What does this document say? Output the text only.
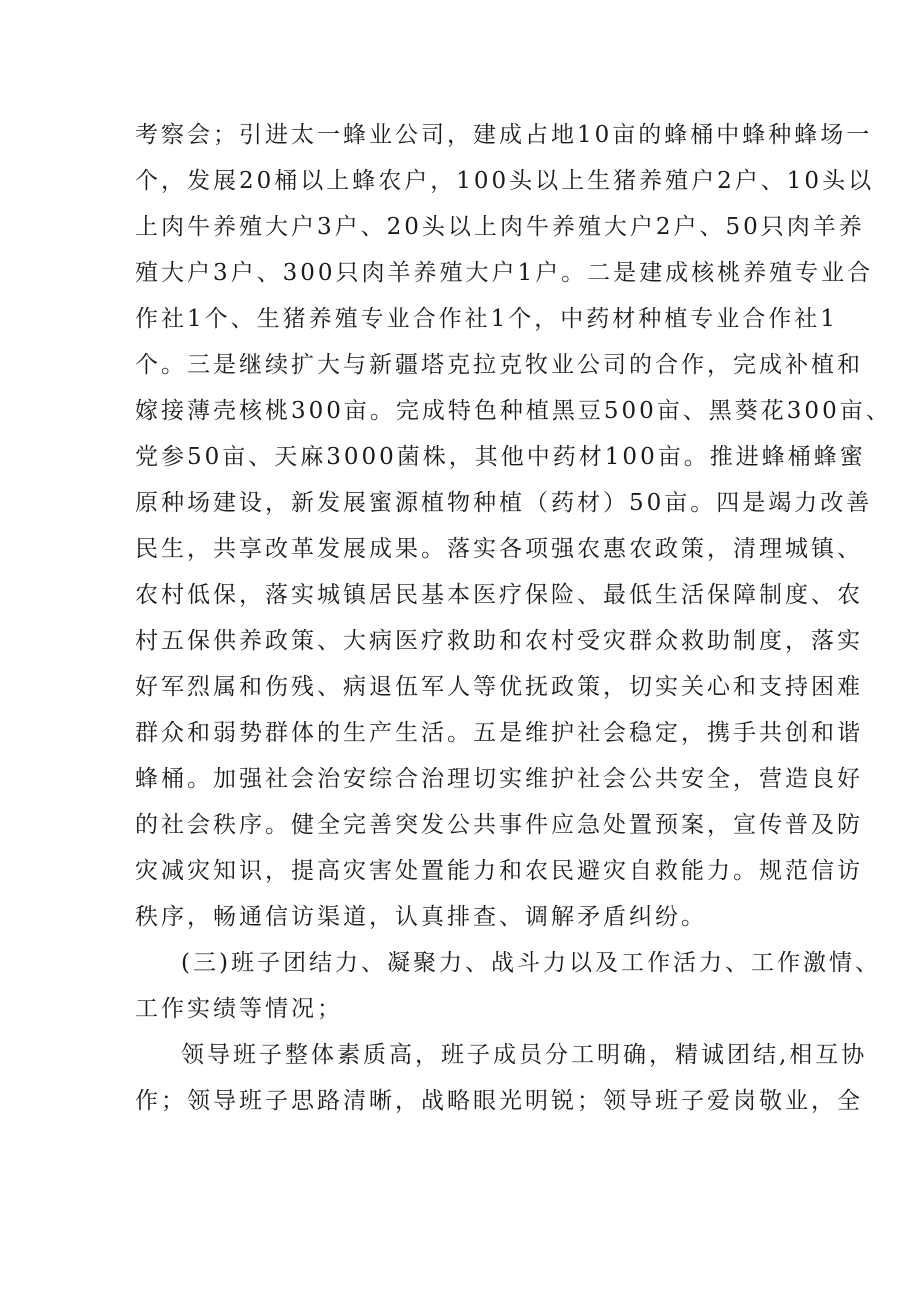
考察会；引进太一蜂业公司，建成占地10亩的蜂桶中蜂种蜂场一
个，发展20桶以上蜂农户，100头以上生猪养殖户2户、10头以
上肉牛养殖大户3户、20头以上肉牛养殖大户2户、50只肉羊养
殖大户3户、300只肉羊养殖大户1户。二是建成核桃养殖专业合
作社1个、生猪养殖专业合作社1个，中药材种植专业合作社1
个。三是继续扩大与新疆塔克拉克牧业公司的合作，完成补植和
嫁接薄壳核桃300亩。完成特色种植黑豆500亩、黑葵花300亩、
党参50亩、天麻3000菌株，其他中药材100亩。推进蜂桶蜂蜜
原种场建设，新发展蜜源植物种植（药材）50亩。四是竭力改善
民生，共享改革发展成果。落实各项强农惠农政策，清理城镇、
农村低保，落实城镇居民基本医疗保险、最低生活保障制度、农
村五保供养政策、大病医疗救助和农村受灾群众救助制度，落实
好军烈属和伤残、病退伍军人等优抚政策，切实关心和支持困难
群众和弱势群体的生产生活。五是维护社会稳定，携手共创和谐
蜂桶。加强社会治安综合治理切实维护社会公共安全，营造良好
的社会秩序。健全完善突发公共事件应急处置预案，宣传普及防
灾减灾知识，提高灾害处置能力和农民避灾自救能力。规范信访
秩序，畅通信访渠道，认真排查、调解矛盾纠纷。
(三)班子团结力、凝聚力、战斗力以及工作活力、工作激情、
工作实绩等情况；
领导班子整体素质高，班子成员分工明确，精诚团结,相互协
作；领导班子思路清晰，战略眼光明锐；领导班子爱岗敬业，全
